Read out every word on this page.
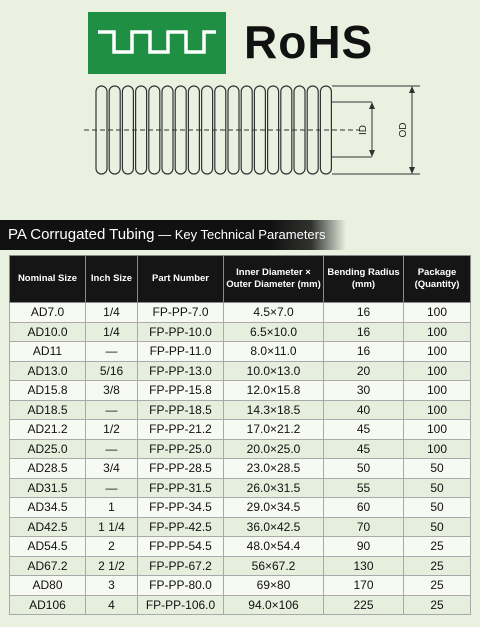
RoHS
ID	OD
PA Corrugated Tubing — Key Technical Parameters
Nominal Size	Inch Size	Part Number	Inner Diameter × Outer Diameter (mm)	Bending Radius (mm)	Package (Quantity)
AD7.0	1/4	FP-PP-7.0	4.5×7.0	16	100
AD10.0	1/4	FP-PP-10.0	6.5×10.0	16	100
AD11	—	FP-PP-11.0	8.0×11.0	16	100
AD13.0	5/16	FP-PP-13.0	10.0×13.0	20	100
AD15.8	3/8	FP-PP-15.8	12.0×15.8	30	100
AD18.5	—	FP-PP-18.5	14.3×18.5	40	100
AD21.2	1/2	FP-PP-21.2	17.0×21.2	45	100
AD25.0	—	FP-PP-25.0	20.0×25.0	45	100
AD28.5	3/4	FP-PP-28.5	23.0×28.5	50	50
AD31.5	—	FP-PP-31.5	26.0×31.5	55	50
AD34.5	1	FP-PP-34.5	29.0×34.5	60	50
AD42.5	1 1/4	FP-PP-42.5	36.0×42.5	70	50
AD54.5	2	FP-PP-54.5	48.0×54.4	90	25
AD67.2	2 1/2	FP-PP-67.2	56×67.2	130	25
AD80	3	FP-PP-80.0	69×80	170	25
AD106	4	FP-PP-106.0	94.0×106	225	25
